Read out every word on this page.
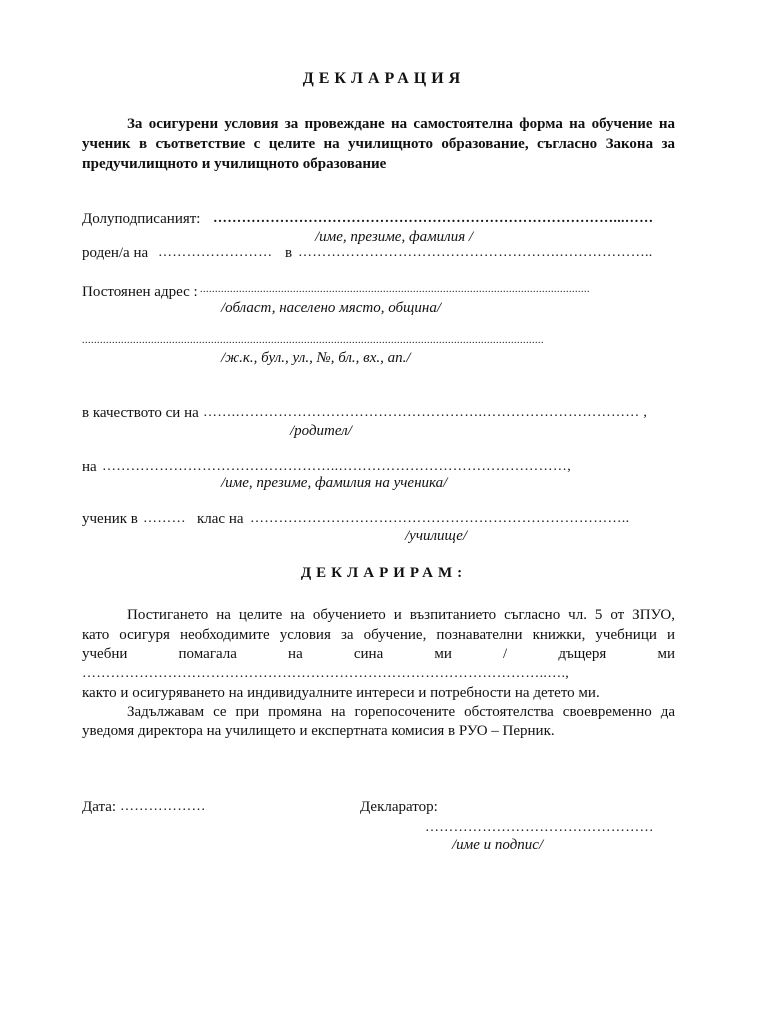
ДЕКЛАРАЦИЯ
За осигурени условия за провеждане на самостоятелна форма на обучение на
ученик в съответствие с целите на училищното образование, съгласно Закона за
предучилищното и училищното образование
Долуподписаният: …………………………………………………………………………...……
/име, презиме, фамилия /
роден/а на …………………… в ……………………………………………….………………..
Постоянен адрес : ..................................................................................................................................
/област, населено място, община/
..........................................................................................................................................................
/ж.к., бул., ул., №, бл., вх., ап./
в качеството си на …….…………………………………………….…………………………… ,
/родител/
на …………………………………………..…………………………………………,
/име, презиме, фамилия на ученика/
ученик в ……… клас на ……………………………………………………………………..
/училище/
ДЕКЛАРИРАМ:
Постигането на целите на обучението и възпитанието съгласно чл. 5 от ЗПУО,
като осигуря необходимите условия за обучение, познавателни книжки, учебници и
учебни помагала на сина ми / дъщеря ми
……………………………………………………………………………………..….,
както и осигуряването на индивидуалните интереси и потребности на детето ми.
Задължавам се при промяна на горепосочените обстоятелства своевременно да
уведомя директора на училището и експертната комисия в РУО – Перник.
Дата: ………………	Декларатор:
…………………………………………
/име и подпис/
